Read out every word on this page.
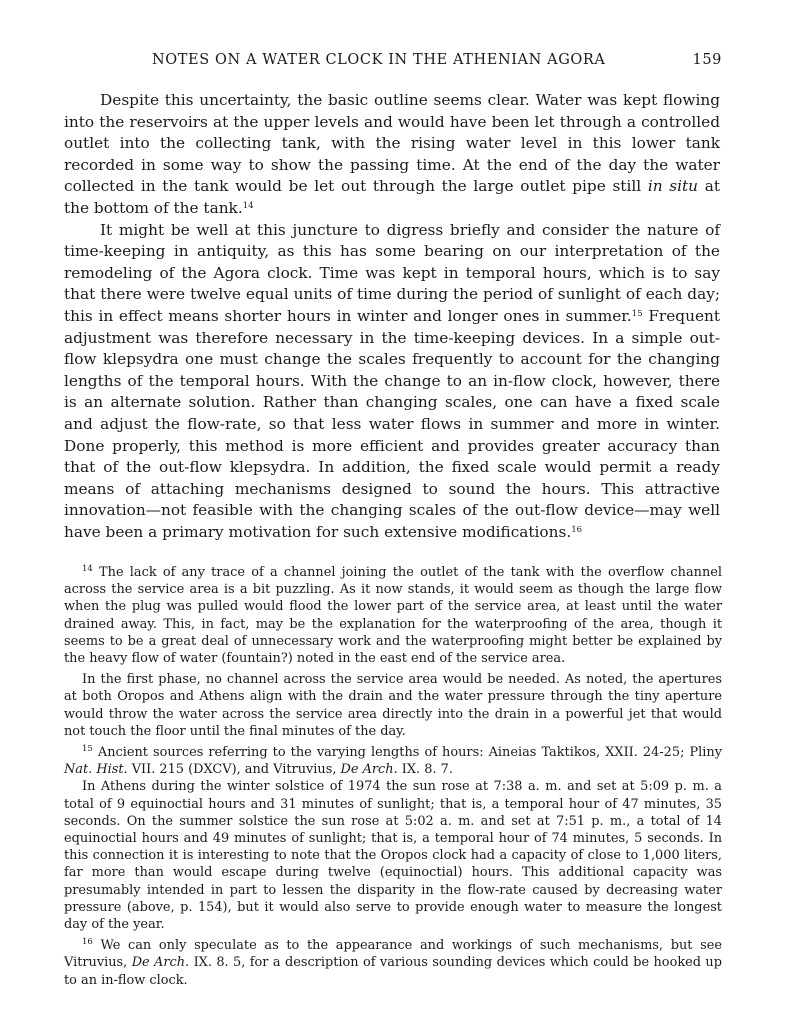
NOTES ON A WATER CLOCK IN THE ATHENIAN AGORA	159

Despite this uncertainty, the basic outline seems clear. Water was kept flowing into the reservoirs at the upper levels and would have been let through a controlled outlet into the collecting tank, with the rising water level in this lower tank recorded in some way to show the passing time. At the end of the day the water collected in the tank would be let out through the large outlet pipe still in situ at the bottom of the tank.$^{14}$

It might be well at this juncture to digress briefly and consider the nature of time-keeping in antiquity, as this has some bearing on our interpretation of the remodeling of the Agora clock. Time was kept in temporal hours, which is to say that there were twelve equal units of time during the period of sunlight of each day; this in effect means shorter hours in winter and longer ones in summer.$^{15}$ Frequent adjustment was therefore necessary in the time-keeping devices. In a simple out-flow klepsydra one must change the scales frequently to account for the changing lengths of the temporal hours. With the change to an in-flow clock, however, there is an alternate solution. Rather than changing scales, one can have a fixed scale and adjust the flow-rate, so that less water flows in summer and more in winter. Done properly, this method is more efficient and provides greater accuracy than that of the out-flow klepsydra. In addition, the fixed scale would permit a ready means of attaching mechanisms designed to sound the hours. This attractive innovation—not feasible with the changing scales of the out-flow device—may well have been a primary motivation for such extensive modifications.$^{16}$

$^{14}$ The lack of any trace of a channel joining the outlet of the tank with the overflow channel across the service area is a bit puzzling. As it now stands, it would seem as though the large flow when the plug was pulled would flood the lower part of the service area, at least until the water drained away. This, in fact, may be the explanation for the waterproofing of the area, though it seems to be a great deal of unnecessary work and the waterproofing might better be explained by the heavy flow of water (fountain?) noted in the east end of the service area.

In the first phase, no channel across the service area would be needed. As noted, the apertures at both Oropos and Athens align with the drain and the water pressure through the tiny aperture would throw the water across the service area directly into the drain in a powerful jet that would not touch the floor until the final minutes of the day.

$^{15}$ Ancient sources referring to the varying lengths of hours: Aineias Taktikos, XXII. 24-25; Pliny Nat. Hist. VII. 215 (DXCV), and Vitruvius, De Arch. IX. 8. 7.

In Athens during the winter solstice of 1974 the sun rose at 7:38 a. m. and set at 5:09 p. m. a total of 9 equinoctial hours and 31 minutes of sunlight; that is, a temporal hour of 47 minutes, 35 seconds. On the summer solstice the sun rose at 5:02 a. m. and set at 7:51 p. m., a total of 14 equinoctial hours and 49 minutes of sunlight; that is, a temporal hour of 74 minutes, 5 seconds. In this connection it is interesting to note that the Oropos clock had a capacity of close to 1,000 liters, far more than would escape during twelve (equinoctial) hours. This additional capacity was presumably intended in part to lessen the disparity in the flow-rate caused by decreasing water pressure (above, p. 154), but it would also serve to provide enough water to measure the longest day of the year.

$^{16}$ We can only speculate as to the appearance and workings of such mechanisms, but see Vitruvius, De Arch. IX. 8. 5, for a description of various sounding devices which could be hooked up to an in-flow clock.
